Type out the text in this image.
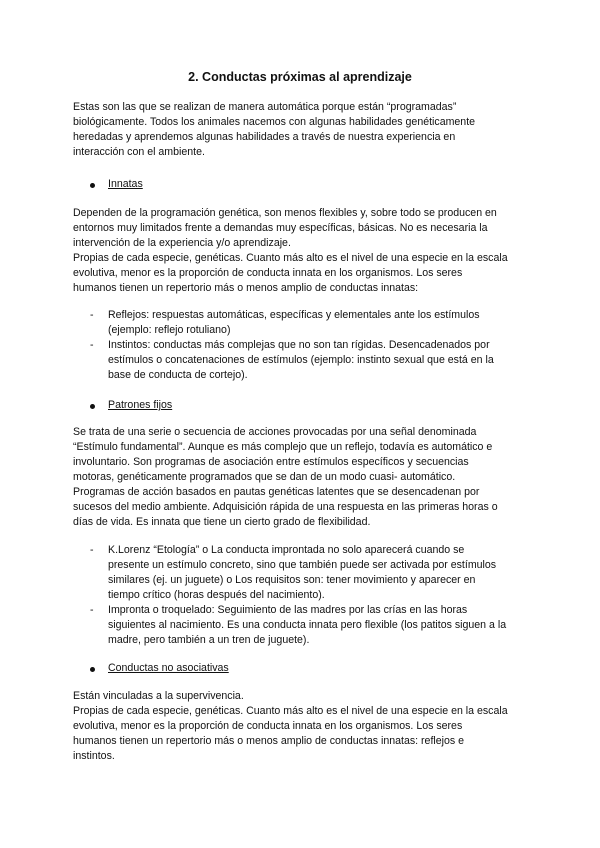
2. Conductas próximas al aprendizaje
Estas son las que se realizan de manera automática porque están “programadas”
biológicamente. Todos los animales nacemos con algunas habilidades genéticamente
heredadas y aprendemos algunas habilidades a través de nuestra experiencia en
interacción con el ambiente.
Innatas
Dependen de la programación genética, son menos flexibles y, sobre todo se producen en
entornos muy limitados frente a demandas muy específicas, básicas. No es necesaria la
intervención de la experiencia y/o aprendizaje.
Propias de cada especie, genéticas. Cuanto más alto es el nivel de una especie en la escala
evolutiva, menor es la proporción de conducta innata en los organismos. Los seres
humanos tienen un repertorio más o menos amplio de conductas innatas:
- Reflejos: respuestas automáticas, específicas y elementales ante los estímulos
(ejemplo: reflejo rotuliano)
- Instintos: conductas más complejas que no son tan rígidas. Desencadenados por
estímulos o concatenaciones de estímulos (ejemplo: instinto sexual que está en la
base de conducta de cortejo).
Patrones fijos
Se trata de una serie o secuencia de acciones provocadas por una señal denominada
“Estímulo fundamental”. Aunque es más complejo que un reflejo, todavía es automático e
involuntario. Son programas de asociación entre estímulos específicos y secuencias
motoras, genéticamente programados que se dan de un modo cuasi- automático.
Programas de acción basados en pautas genéticas latentes que se desencadenan por
sucesos del medio ambiente. Adquisición rápida de una respuesta en las primeras horas o
días de vida. Es innata que tiene un cierto grado de flexibilidad.
- K.Lorenz “Etología” o La conducta improntada no solo aparecerá cuando se
presente un estímulo concreto, sino que también puede ser activada por estímulos
similares (ej. un juguete) o Los requisitos son: tener movimiento y aparecer en
tiempo crítico (horas después del nacimiento).
- Impronta o troquelado: Seguimiento de las madres por las crías en las horas
siguientes al nacimiento. Es una conducta innata pero flexible (los patitos siguen a la
madre, pero también a un tren de juguete).
Conductas no asociativas
Están vinculadas a la supervivencia.
Propias de cada especie, genéticas. Cuanto más alto es el nivel de una especie en la escala
evolutiva, menor es la proporción de conducta innata en los organismos. Los seres
humanos tienen un repertorio más o menos amplio de conductas innatas: reflejos e
instintos.
